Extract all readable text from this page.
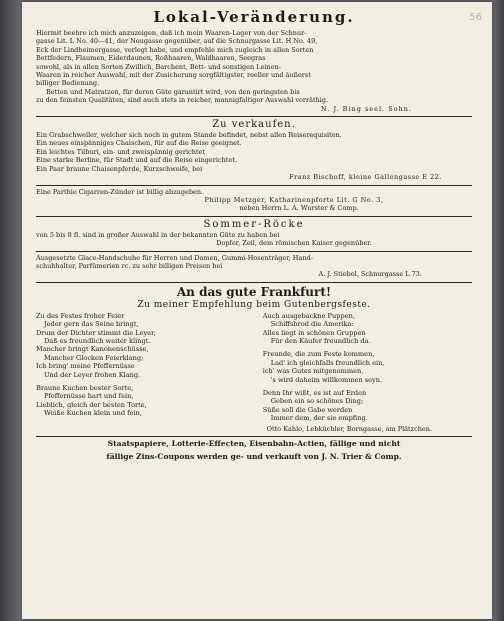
56
Lokal-Veränderung.

Hiermit beehre ich mich anzuzeigen, daß ich mein Waaren-Lager von der Schnur-

gasse Lit. L No. 40—41, der Neugasse gegenüber, auf die Schnurgasse Lit. H No. 49,

Eck der Lindheimergasse, verlegt habe, und empfehle mich zugleich in allen Sorten

Bettfedern, Flaumen, Eiderdaunen, Roßhaaren, Waldhaaren, Seegras

sowohl, als in allen Sorten Zwillich, Barchent, Bett- und sonstigen Leinen-

Waaren in reicher Auswahl, mit der Zusicherung sorgfältigster, reeller und äußerst

billiger Bedienung.

Betten und Matratzen, für deren Güte garantirt wird, von den geringsten bis

zu den feinsten Qualitäten, sind auch stets in reicher, mannigfaltiger Auswahl vorräthig.

N. J. Bing seel. Sohn.

Zu verkaufen.

Ein Grabschweller, welcher sich noch in gutem Stande befindet, nebst allen Reiserequisiten.

Ein neues einspänniges Chaischen, für auf die Reise geeignet.

Ein leichtes Tilburi, ein- und zweispännig gerichtet

Eine starke Berline, für Stadt und auf die Reise eingerichtet.

Ein Paar braune Chaisenpferde, Kurzschweife, bei

Franz Bischoff, kleine Gallengasse E 22.

Eine Parthie Cigarren-Zünder ist billig abzugeben.

Philipp Metzger, Katharinenpforte Lit. G No. 3,

neben Herrn L. A. Wurster & Comp.

Sommer-Röcke

von 5 bis 8 fl. sind in großer Auswahl in der bekannten Güte zu haben bei

Dopfer, Zeil, dem römischen Kaiser gegenüber.

Ausgesetzte Glace-Handschuhe für Herren und Damen, Gummi-Hosenträger, Hand-

schuhhalter, Parfümerien rc. zu sehr billigen Preisen bei

A. J. Stiebel, Schnurgasse L 73.

An das gute Frankfurt!
Zu meiner Empfehlung beim Gutenbergsfeste.

Zu des Festes froher Feier

Jeder gern das Seine bringt,

Drum der Dichter stimmt die Leyer,

Daß es freundlich weiter klingt.

Mancher bringt Kanonenschüsse,

Mancher Glocken Feierklang;

Ich bring' meine Pfeffernüsse

Und der Leyer frohen Klang.

Braune Kuchen bester Sorte,

Pfeffernüsse hart und fein,

Lieblich, gleich der besten Torte,

Weiße Kuchen klein und fein,

Auch ausgebackne Puppen,

Schiffsbrod die Amerika:

Alles liegt in schönen Gruppen

Für den Käufer freundlich da.

Freunde, die zum Feste kommen,

Lad' ich gleichfalls freundlich ein,

ich' was Gutes mitgenommen,

's wird daheim willkommen seyn.

Denn Ihr wißt, es ist auf Erden

Geben ein so schönes Ding;

Süße soll die Gabe werden

Immer dem, der sie empfing.

Otto Kahlo, Lebküchler, Borngasse, am Plätzchen.

Staatspapiere, Lotterie-Effecten, Eisenbahn-Actien, fällige und nicht
fällige Zins-Coupons werden ge- und verkauft von J. N. Trier & Comp.
